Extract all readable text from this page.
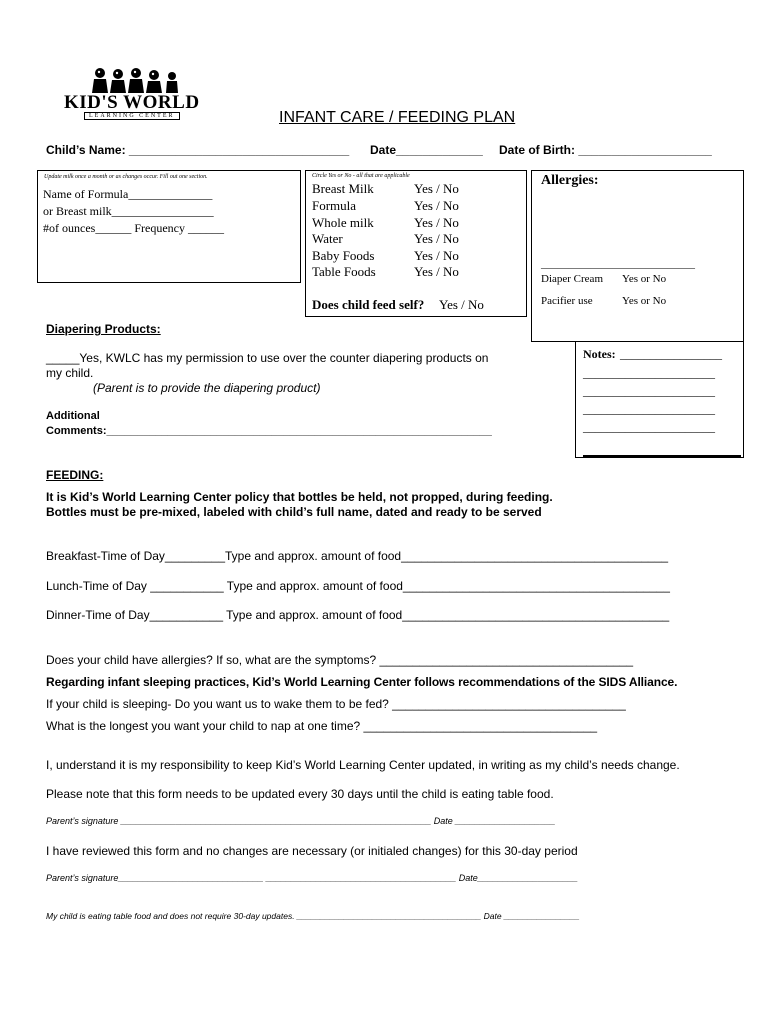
KID'S WORLD
LEARNING CENTER	INFANT CARE / FEEDING PLAN
Child’s Name: _________________________________ Date_____________ Date of Birth: ____________________
Update milk once a month or as changes occur. Fill out one section.
Name of Formula______________
or Breast milk_________________
#of ounces______ Frequency ______
Circle Yes or No - all that are applicable
Breast Milk	Yes / No
Formula	Yes / No
Whole milk	Yes / No
Water	Yes / No
Baby Foods	Yes / No
Table Foods	Yes / No
Does child feed self? Yes / No
Allergies:
____________________________
Diaper Cream Yes or No
Pacifier use	Yes or No
Notes: _________________
______________________
______________________
______________________
______________________
Diapering Products:
_____Yes, KWLC has my permission to use over the counter diapering products on
my child.
(Parent is to provide the diapering product)
Additional
Comments:_______________________________________________________________
FEEDING:
It is Kid’s World Learning Center policy that bottles be held, not propped, during feeding.
Bottles must be pre-mixed, labeled with child’s full name, dated and ready to be served
Breakfast-Time of Day_________Type and approx. amount of food________________________________________
Lunch-Time of Day ___________ Type and approx. amount of food________________________________________
Dinner-Time of Day___________ Type and approx. amount of food________________________________________
Does your child have allergies? If so, what are the symptoms? ______________________________________
Regarding infant sleeping practices, Kid’s World Learning Center follows recommendations of the SIDS Alliance.
If your child is sleeping- Do you want us to wake them to be fed? ___________________________________
What is the longest you want your child to nap at one time? ___________________________________
I, understand it is my responsibility to keep Kid’s World Learning Center updated, in writing as my child’s needs change.
Please note that this form needs to be updated every 30 days until the child is eating table food.
Parent’s signature ______________________________________________________________ Date ____________________
I have reviewed this form and no changes are necessary (or initialed changes) for this 30-day period
Parent’s signature_____________________________ ______________________________________ Date____________________
My child is eating table food and does not require 30-day updates. _______________________________________ Date ________________
